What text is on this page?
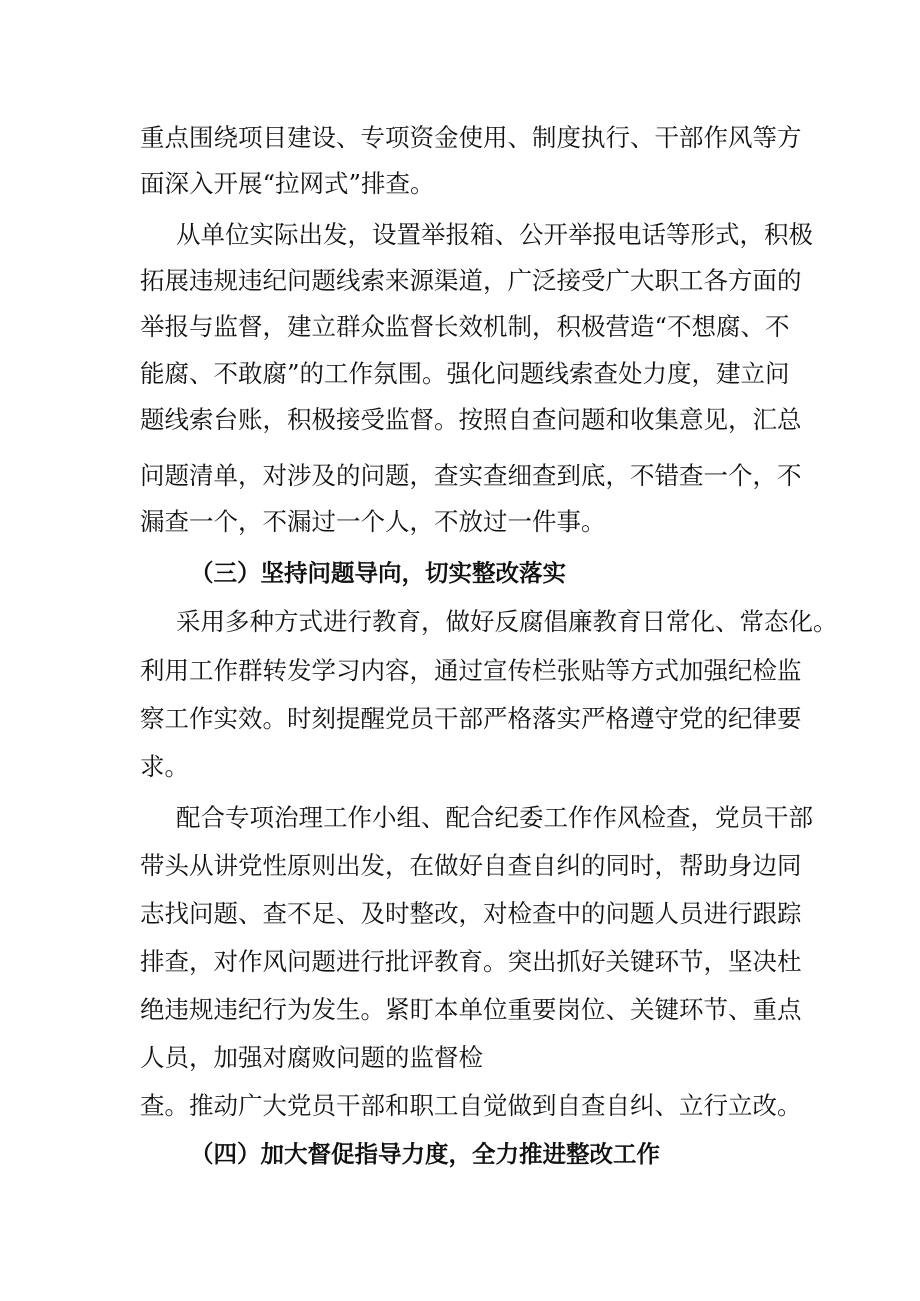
重点围绕项目建设、专项资金使用、制度执行、干部作风等方
面深入开展“拉网式”排查。
从单位实际出发，设置举报箱、公开举报电话等形式，积极
拓展违规违纪问题线索来源渠道，广泛接受广大职工各方面的
举报与监督，建立群众监督长效机制，积极营造“不想腐、不
能腐、不敢腐”的工作氛围。强化问题线索查处力度，建立问
题线索台账，积极接受监督。按照自查问题和收集意见，汇总
问题清单，对涉及的问题，查实查细查到底，不错查一个，不
漏查一个，不漏过一个人，不放过一件事。
（三）坚持问题导向，切实整改落实
采用多种方式进行教育，做好反腐倡廉教育日常化、常态化。
利用工作群转发学习内容，通过宣传栏张贴等方式加强纪检监
察工作实效。时刻提醒党员干部严格落实严格遵守党的纪律要
求。
配合专项治理工作小组、配合纪委工作作风检查，党员干部
带头从讲党性原则出发，在做好自查自纠的同时，帮助身边同
志找问题、查不足、及时整改，对检查中的问题人员进行跟踪
排查，对作风问题进行批评教育。突出抓好关键环节，坚决杜
绝违规违纪行为发生。紧盯本单位重要岗位、关键环节、重点
人员，加强对腐败问题的监督检
查。推动广大党员干部和职工自觉做到自查自纠、立行立改。
（四）加大督促指导力度，全力推进整改工作
